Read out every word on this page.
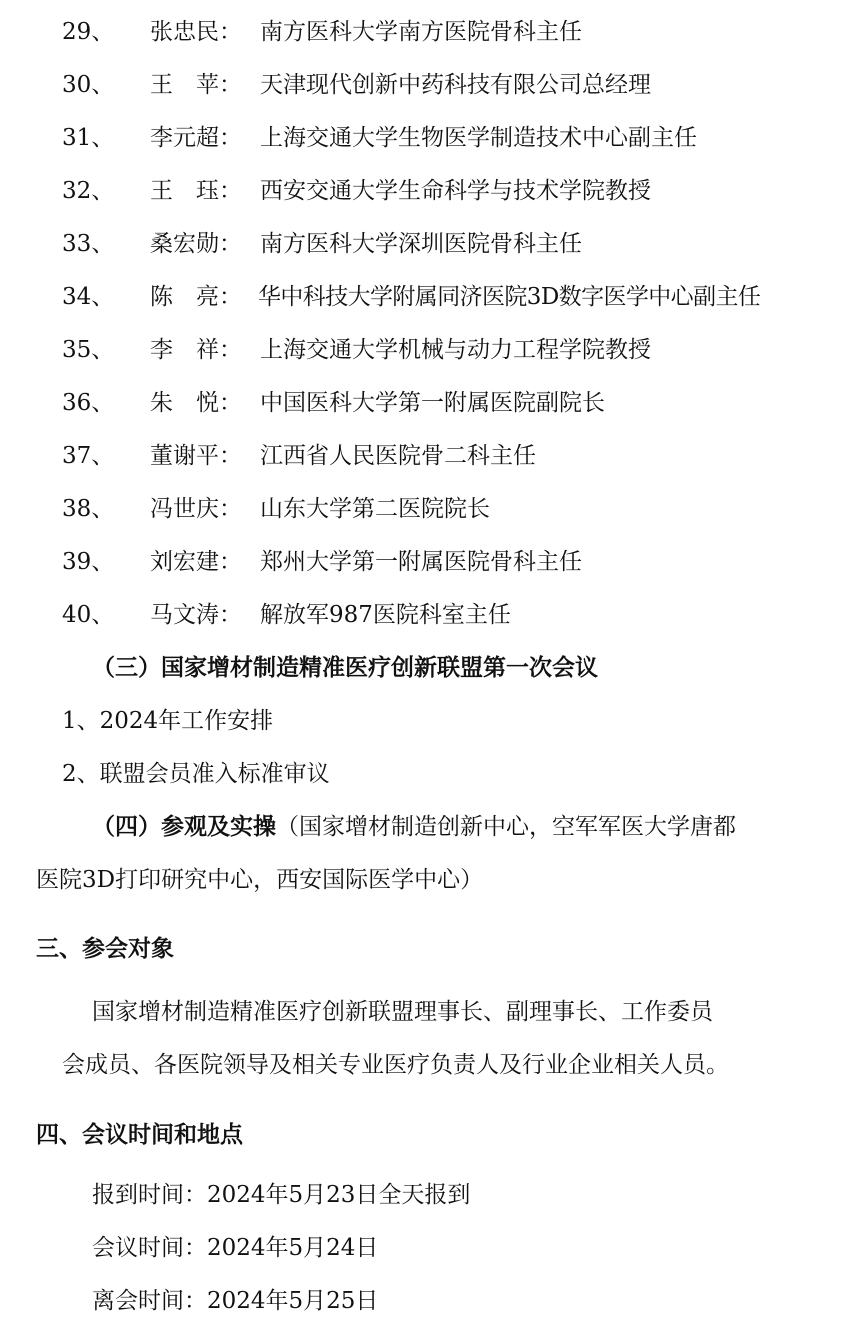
29、 张忠民： 南方医科大学南方医院骨科主任
30、 王　苹： 天津现代创新中药科技有限公司总经理
31、 李元超： 上海交通大学生物医学制造技术中心副主任
32、 王　珏： 西安交通大学生命科学与技术学院教授
33、 桑宏勋： 南方医科大学深圳医院骨科主任
34、 陈　亮： 华中科技大学附属同济医院3D数字医学中心副主任
35、 李　祥： 上海交通大学机械与动力工程学院教授
36、 朱　悦： 中国医科大学第一附属医院副院长
37、 董谢平： 江西省人民医院骨二科主任
38、 冯世庆： 山东大学第二医院院长
39、 刘宏建： 郑州大学第一附属医院骨科主任
40、 马文涛： 解放军987医院科室主任
（三）国家增材制造精准医疗创新联盟第一次会议
1、2024年工作安排
2、联盟会员准入标准审议
（四）参观及实操（国家增材制造创新中心，空军军医大学唐都
医院3D打印研究中心，西安国际医学中心）
三、参会对象
国家增材制造精准医疗创新联盟理事长、副理事长、工作委员
会成员、各医院领导及相关专业医疗负责人及行业企业相关人员。
四、会议时间和地点
报到时间：2024年5月23日全天报到
会议时间：2024年5月24日
离会时间：2024年5月25日
